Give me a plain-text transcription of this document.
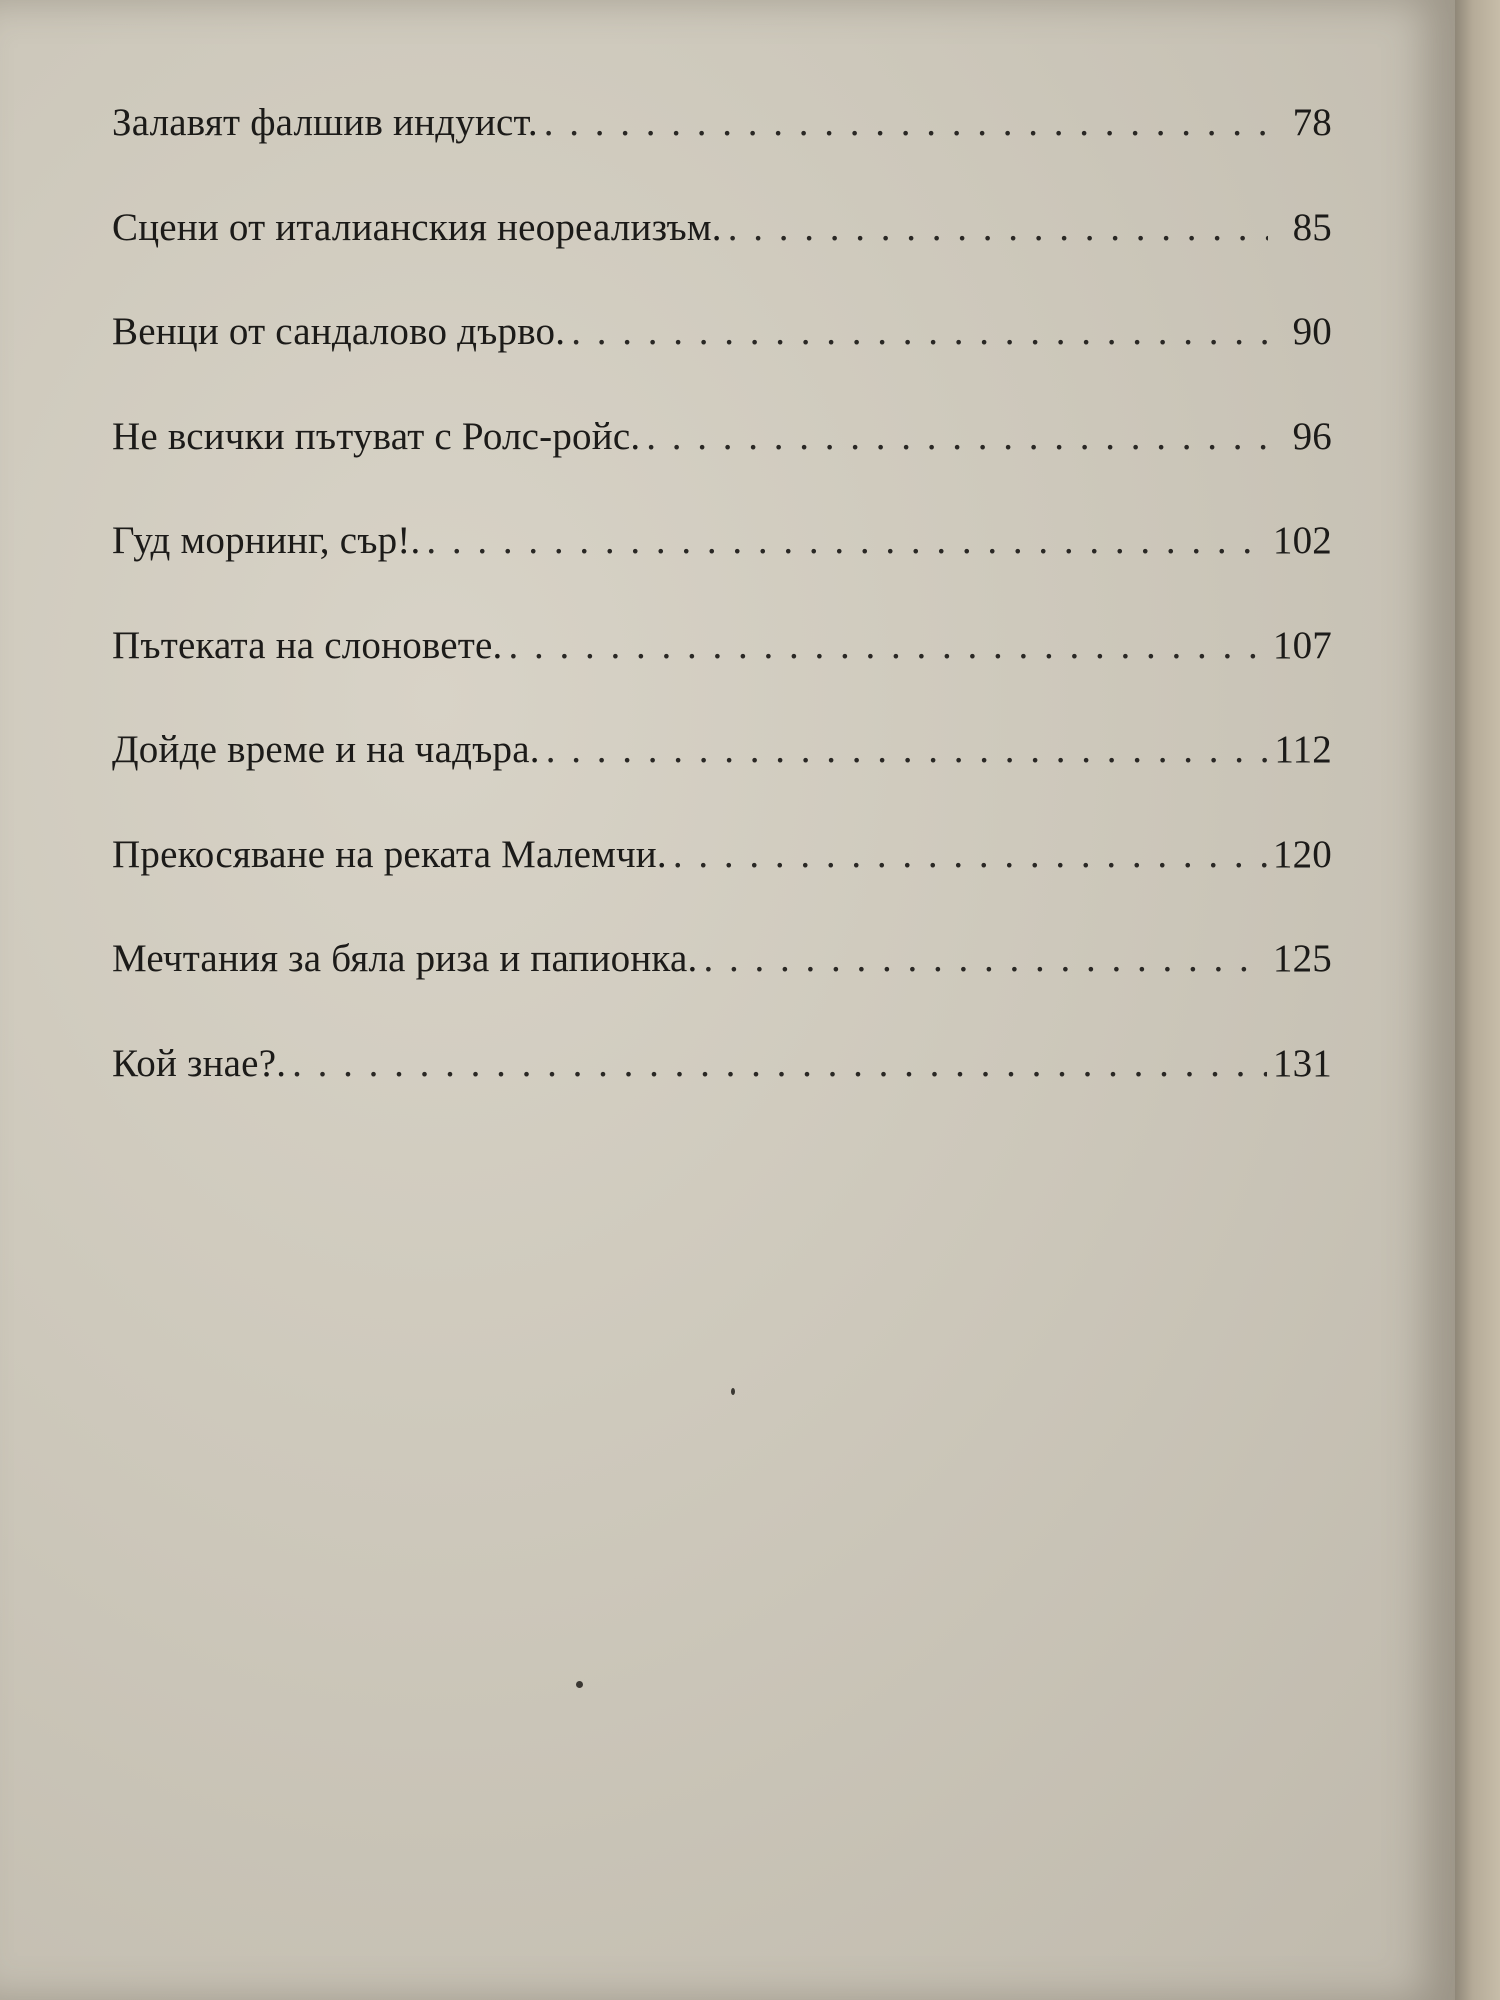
Залавят фалшив индуист. . . .	78
Сцени от италианския неореализъм. . . .	85
Венци от сандалово дърво. . . .	90
Не всички пътуват с Ролс-ройс. . . .	96
Гуд морнинг, сър!. . . .	102
Пътеката на слоновете. . . .	107
Дойде време и на чадъра. . . .	112
Прекосяване на реката Малемчи. . . .	120
Мечтания за бяла риза и папионка. . . .	125
Кой знае?. . . .	131
